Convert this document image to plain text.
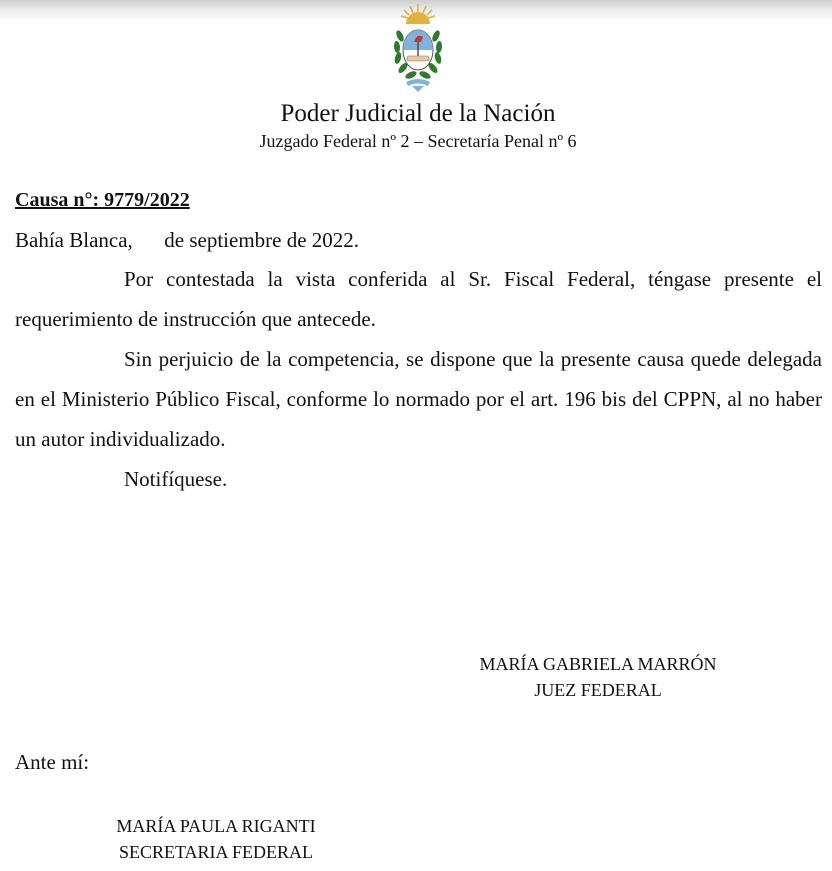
Poder Judicial de la Nación
Juzgado Federal nº 2 – Secretaría Penal nº 6
Causa n°: 9779/2022
Bahía Blanca,      de septiembre de 2022.

Por contestada la vista conferida al Sr. Fiscal Federal, téngase presente el requerimiento de instrucción que antecede.

Sin perjuicio de la competencia, se dispone que la presente causa quede delegada en el Ministerio Público Fiscal, conforme lo normado por el art. 196 bis del CPPN, al no haber un autor individualizado.

Notifíquese.

MARÍA GABRIELA MARRÓN
JUEZ FEDERAL
Ante mí:
MARÍA PAULA RIGANTI
SECRETARIA FEDERAL
